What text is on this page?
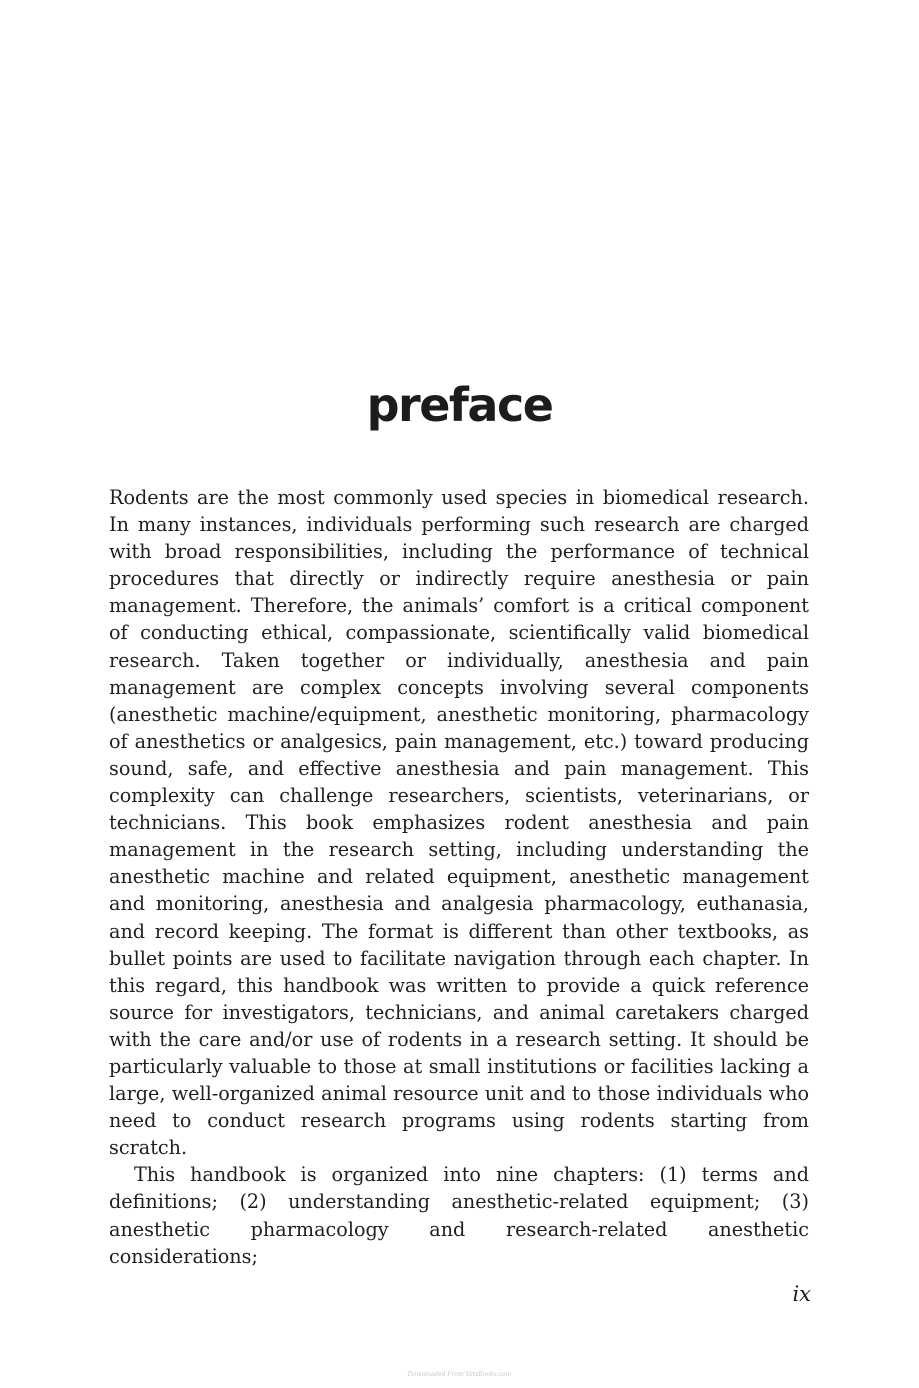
preface

Rodents are the most commonly used species in biomedical research. In many instances, individuals performing such research are charged with broad responsibilities, including the performance of technical procedures that directly or indirectly require anesthesia or pain management. Therefore, the animals’ comfort is a critical component of conducting ethical, compassionate, scientifically valid biomedical research. Taken together or individually, anesthesia and pain management are complex concepts involving several components (anesthetic machine/equipment, anesthetic monitoring, pharmacology of anesthetics or analgesics, pain management, etc.) toward producing sound, safe, and effective anesthesia and pain management. This complexity can challenge researchers, scientists, veterinarians, or technicians. This book emphasizes rodent anesthesia and pain management in the research setting, including understanding the anesthetic machine and related equipment, anesthetic management and monitoring, anesthesia and analgesia pharmacology, euthanasia, and record keeping. The format is different than other textbooks, as bullet points are used to facilitate navigation through each chapter. In this regard, this handbook was written to provide a quick reference source for investigators, technicians, and animal caretakers charged with the care and/or use of rodents in a research setting. It should be particularly valuable to those at small institutions or facilities lacking a large, well-organized animal resource unit and to those individuals who need to conduct research programs using rodents starting from scratch.

This handbook is organized into nine chapters: (1) terms and definitions; (2) understanding anesthetic-related equipment; (3) anesthetic pharmacology and research-related anesthetic considerations;

ix
Downloaded From VetsBooks.com
